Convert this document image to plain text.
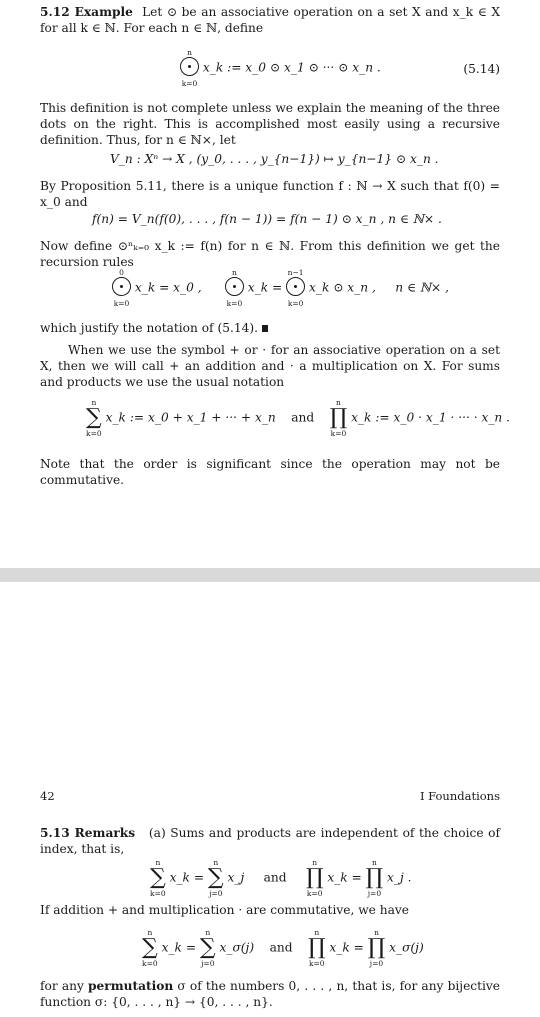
5.12 Example Let ⊙ be an associative operation on a set X and x_k ∈ X for all k ∈ ℕ. For each n ∈ ℕ, define

n
k=0
x_k := x_0 ⊙ x_1 ⊙ ··· ⊙ x_n .	(5.14)

This definition is not complete unless we explain the meaning of the three dots on the right. This is accomplished most easily using a recursive definition. Thus, for n ∈ ℕ×, let

V_n : Xⁿ → X , (y_0, . . . , y_{n−1}) ↦ y_{n−1} ⊙ x_n .

By Proposition 5.11, there is a unique function f : ℕ → X such that f(0) = x_0 and

f(n) = V_n(f(0), . . . , f(n − 1)) = f(n − 1) ⊙ x_n , n ∈ ℕ× .

Now define ⊙ⁿₖ₌₀ x_k := f(n) for n ∈ ℕ. From this definition we get the recursion rules

0
k=0
x_k = x_0 ,
n
k=0
x_k =
n−1
k=0
x_k ⊙ x_n , n ∈ ℕ× ,

which justify the notation of (5.14).

When we use the symbol + or · for an associative operation on a set X, then we will call + an addition and · a multiplication on X. For sums and products we use the usual notation

n
∑
k=0
x_k := x_0 + x_1 + ··· + x_n and
n
∏
k=0
x_k := x_0 · x_1 · ··· · x_n .

Note that the order is significant since the operation may not be commutative.

42	I Foundations

5.13 Remarks (a) Sums and products are independent of the choice of index, that is,

n
∑
k=0
x_k =
n
∑
j=0
x_j and
n
∏
k=0
x_k =
n
∏
j=0
x_j .

If addition + and multiplication · are commutative, we have

n
∑
k=0
x_k =
n
∑
j=0
x_σ(j) and
n
∏
k=0
x_k =
n
∏
j=0
x_σ(j)

for any permutation σ of the numbers 0, . . . , n, that is, for any bijective function σ: {0, . . . , n} → {0, . . . , n}.
